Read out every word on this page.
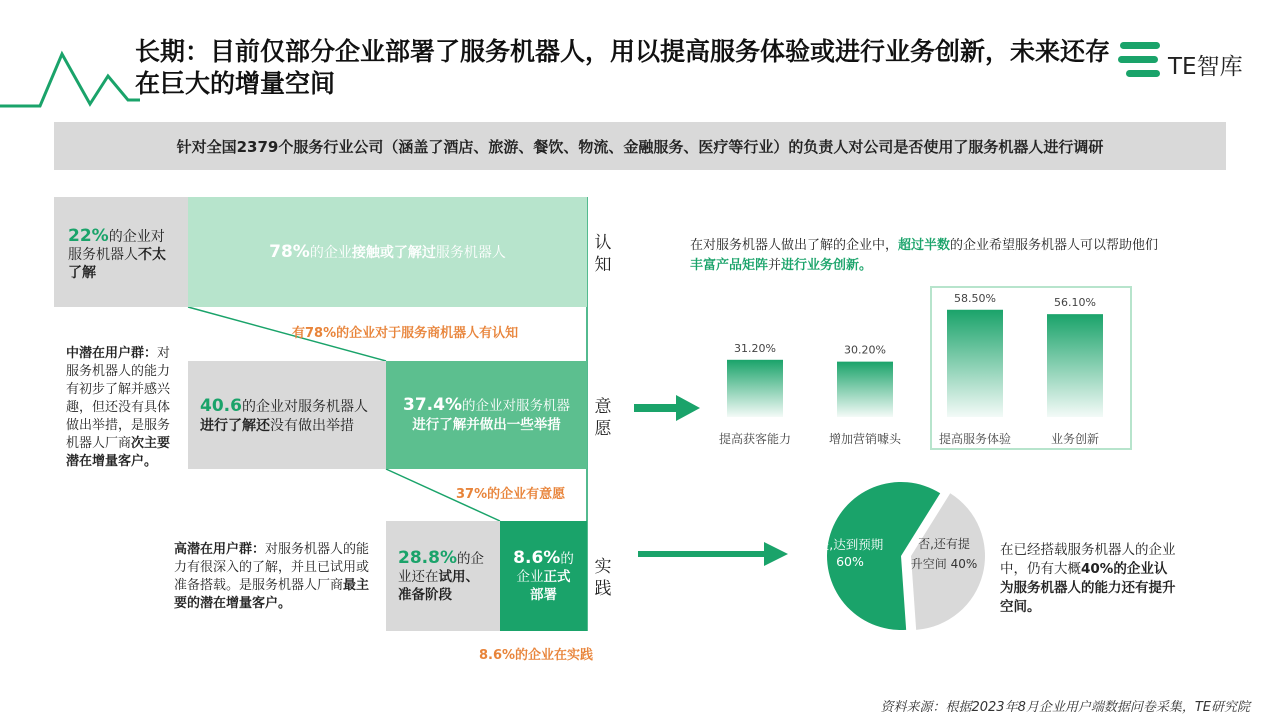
长期：目前仅部分企业部署了服务机器人，用以提高服务体验或进行业务创新，未来还存在巨大的增量空间
TE智库
针对全国2379个服务行业公司（涵盖了酒店、旅游、餐饮、物流、金融服务、医疗等行业）的负责人对公司是否使用了服务机器人进行调研
22%的企业对
服务机器人不太
了解
78%的企业接触或了解过服务机器人	认知
有78%的企业对于服务商机器人有认知
40.6的企业对服务机器人
进行了解还没有做出举措
37.4%的企业对服务机器
进行了解并做出一些举措
意愿
37%的企业有意愿
28.8%的企
业还在试用、
准备阶段
8.6%的
企业正式
部署
实践
8.6%的企业在实践
中潜在用户群：对服务机器人的能力有初步了解并感兴趣，但还没有具体做出举措，是服务机器人厂商次主要潜在增量客户。
高潜在用户群：对服务机器人的能力有很深入的了解，并且已试用或准备搭载。是服务机器人厂商最主要的潜在增量客户。
在对服务机器人做出了解的企业中，超过半数的企业希望服务机器人可以帮助他们
丰富产品矩阵并进行业务创新。
31.20%
提高获客能力
30.20%
增加营销噱头
58.50%
提高服务体验
56.10%
业务创新
是,达到预期
60%
否,还有提
升空间 40%
在已经搭载服务机器人的企业中，仍有大概40%的企业认为服务机器人的能力还有提升空间。
资料来源：根据2023年8月企业用户端数据问卷采集，TE研究院
